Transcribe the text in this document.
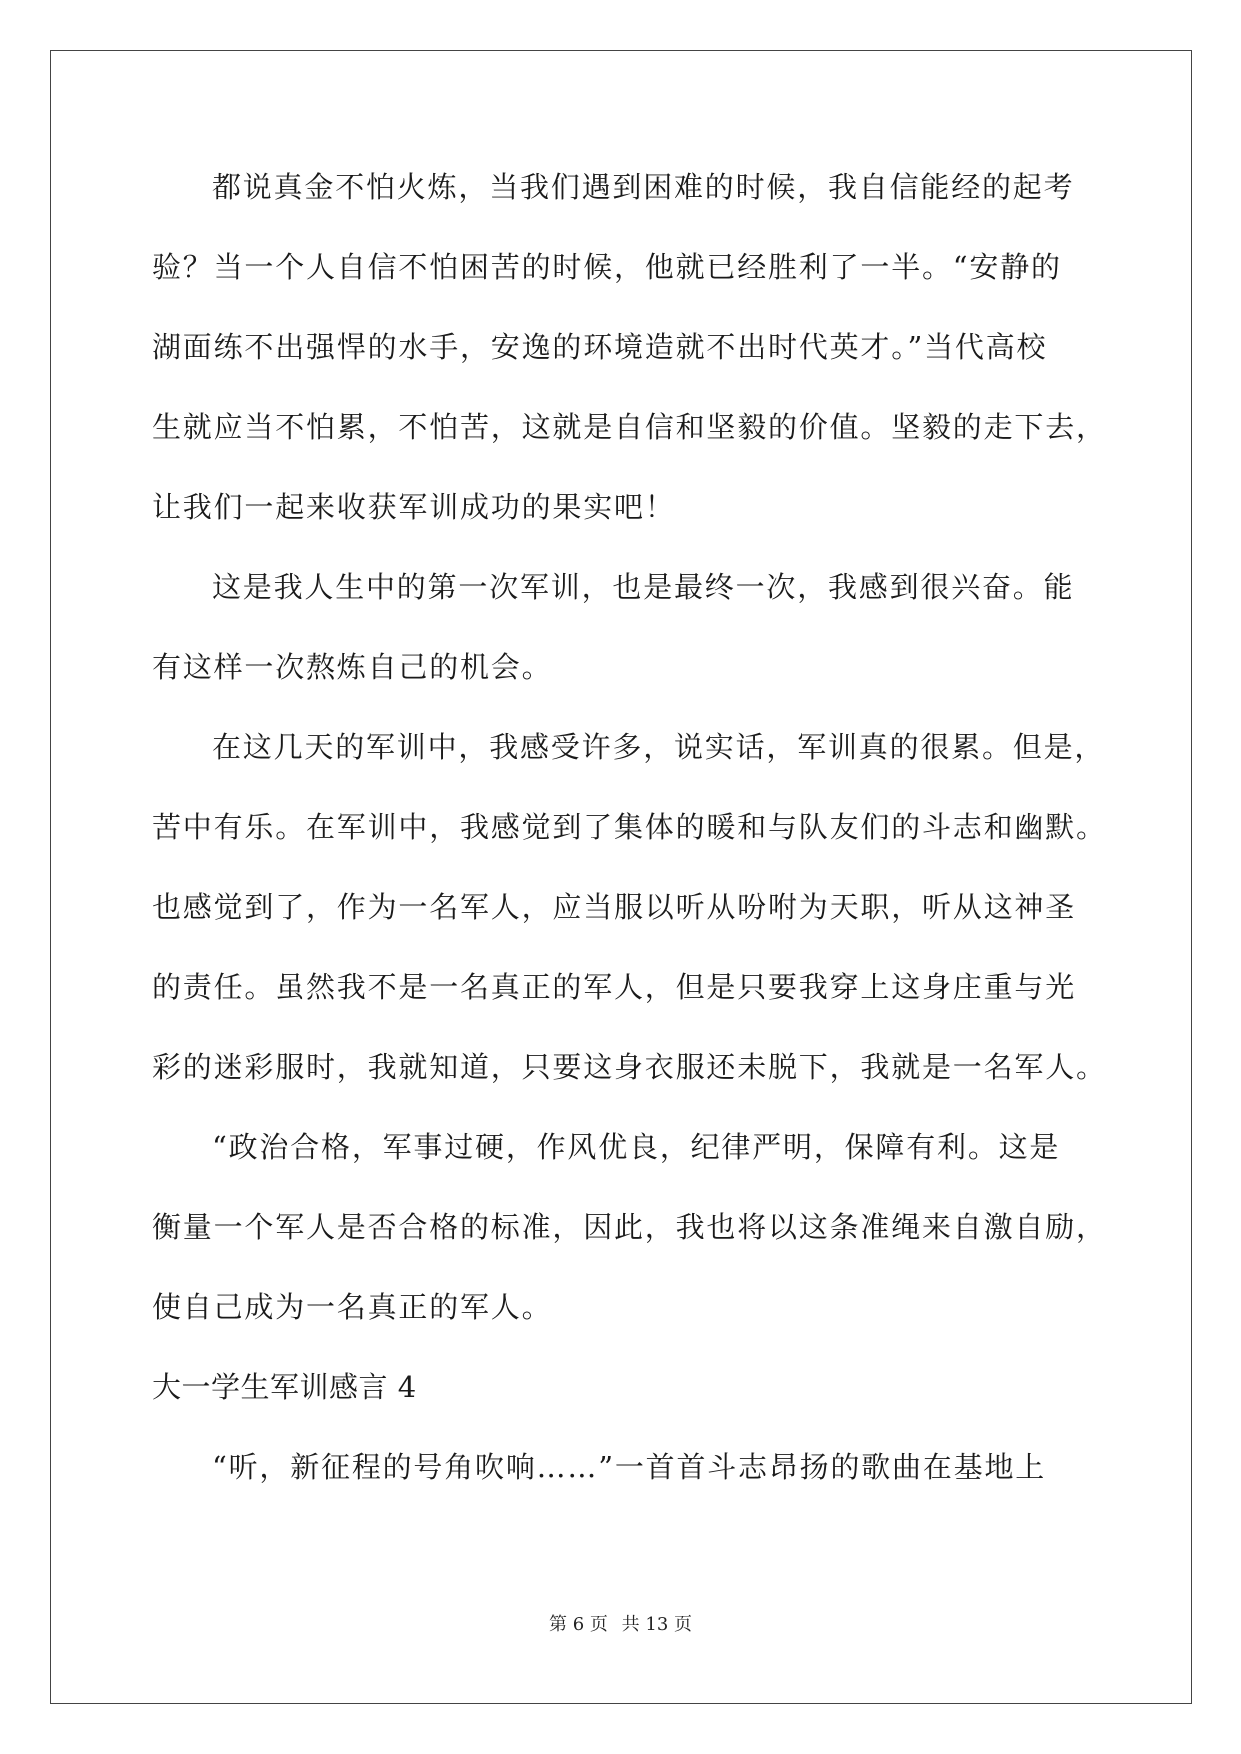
都说真金不怕火炼，当我们遇到困难的时候，我自信能经的起考
验？当一个人自信不怕困苦的时候，他就已经胜利了一半。“安静的
湖面练不出强悍的水手，安逸的环境造就不出时代英才。”当代高校
生就应当不怕累，不怕苦，这就是自信和坚毅的价值。坚毅的走下去，
让我们一起来收获军训成功的果实吧！
这是我人生中的第一次军训，也是最终一次，我感到很兴奋。能
有这样一次熬炼自己的机会。
在这几天的军训中，我感受许多，说实话，军训真的很累。但是，
苦中有乐。在军训中，我感觉到了集体的暖和与队友们的斗志和幽默。
也感觉到了，作为一名军人，应当服以听从吩咐为天职，听从这神圣
的责任。虽然我不是一名真正的军人，但是只要我穿上这身庄重与光
彩的迷彩服时，我就知道，只要这身衣服还未脱下，我就是一名军人。
“政治合格，军事过硬，作风优良，纪律严明，保障有利。这是
衡量一个军人是否合格的标准，因此，我也将以这条准绳来自激自励，
使自己成为一名真正的军人。
大一学生军训感言 4
“听，新征程的号角吹响……”一首首斗志昂扬的歌曲在基地上
第 6 页 共 13 页
